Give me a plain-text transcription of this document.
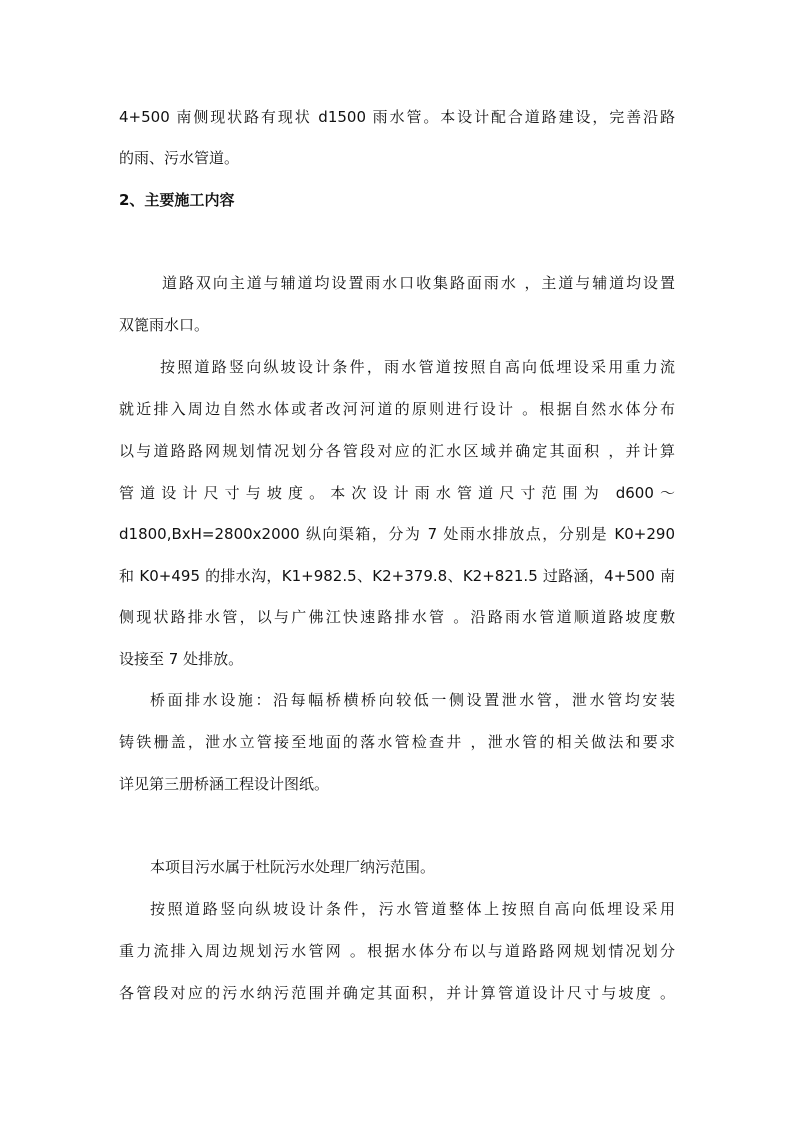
4+500 南侧现状路有现状 d1500 雨水管。本设计配合道路建设，完善沿路
的雨、污水管道。
2、主要施工内容
道路双向主道与辅道均设置雨水口收集路面雨水 ，主道与辅道均设置
双篦雨水口。
按照道路竖向纵坡设计条件，雨水管道按照自高向低埋设采用重力流
就近排入周边自然水体或者改河河道的原则进行设计 。根据自然水体分布
以与道路路网规划情况划分各管段对应的汇水区域并确定其面积 ，并计算
管道设计尺寸与坡度。本次设计雨水管道尺寸范围为 d600～
d1800,BxH=2800x2000 纵向渠箱，分为 7 处雨水排放点，分别是 K0+290
和 K0+495 的排水沟，K1+982.5、K2+379.8、K2+821.5 过路涵，4+500 南
侧现状路排水管，以与广佛江快速路排水管 。沿路雨水管道顺道路坡度敷
设接至 7 处排放。
桥面排水设施：沿每幅桥横桥向较低一侧设置泄水管，泄水管均安装
铸铁栅盖，泄水立管接至地面的落水管检查井 ，泄水管的相关做法和要求
详见第三册桥涵工程设计图纸。
本项目污水属于杜阮污水处理厂纳污范围。
按照道路竖向纵坡设计条件，污水管道整体上按照自高向低埋设采用
重力流排入周边规划污水管网 。根据水体分布以与道路路网规划情况划分
各管段对应的污水纳污范围并确定其面积，并计算管道设计尺寸与坡度 。
